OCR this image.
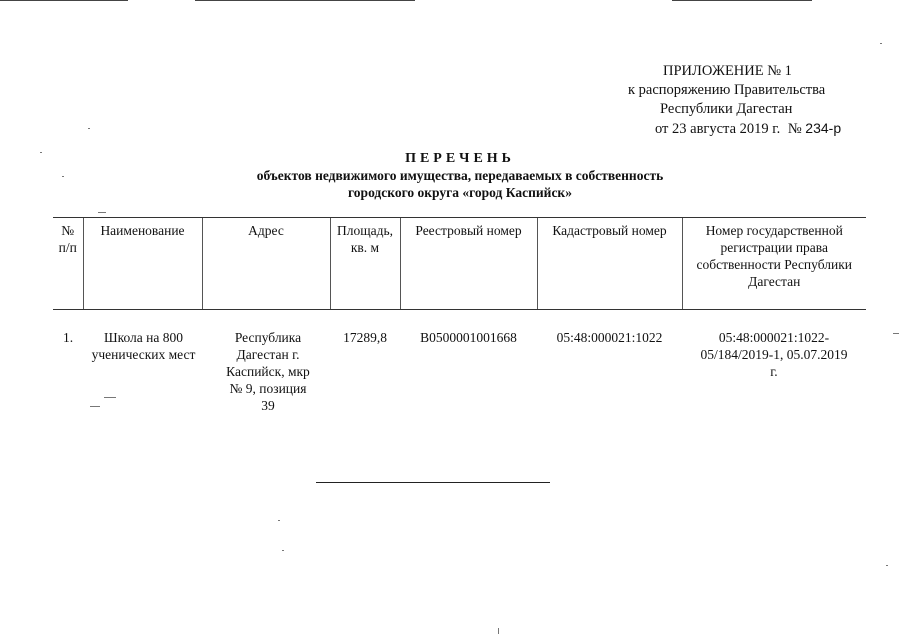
ПРИЛОЖЕНИЕ № 1
к распоряжению Правительства
Республики Дагестан
от 23 августа 2019 г. № 234-р
ПЕРЕЧЕНЬ
объектов недвижимого имущества, передаваемых в собственность
городского округа «город Каспийск»
№ п/п	Наименование	Адрес	Площадь, кв. м	Реестровый номер	Кадастровый номер	Номер государственной регистрации права собственности Республики Дагестан
1.	Школа на 800 ученических мест	Республика Дагестан г. Каспийск, мкр № 9, позиция 39	17289,8	В0500001001668	05:48:000021:1022	05:48:000021:1022-05/184/2019-1, 05.07.2019 г.
